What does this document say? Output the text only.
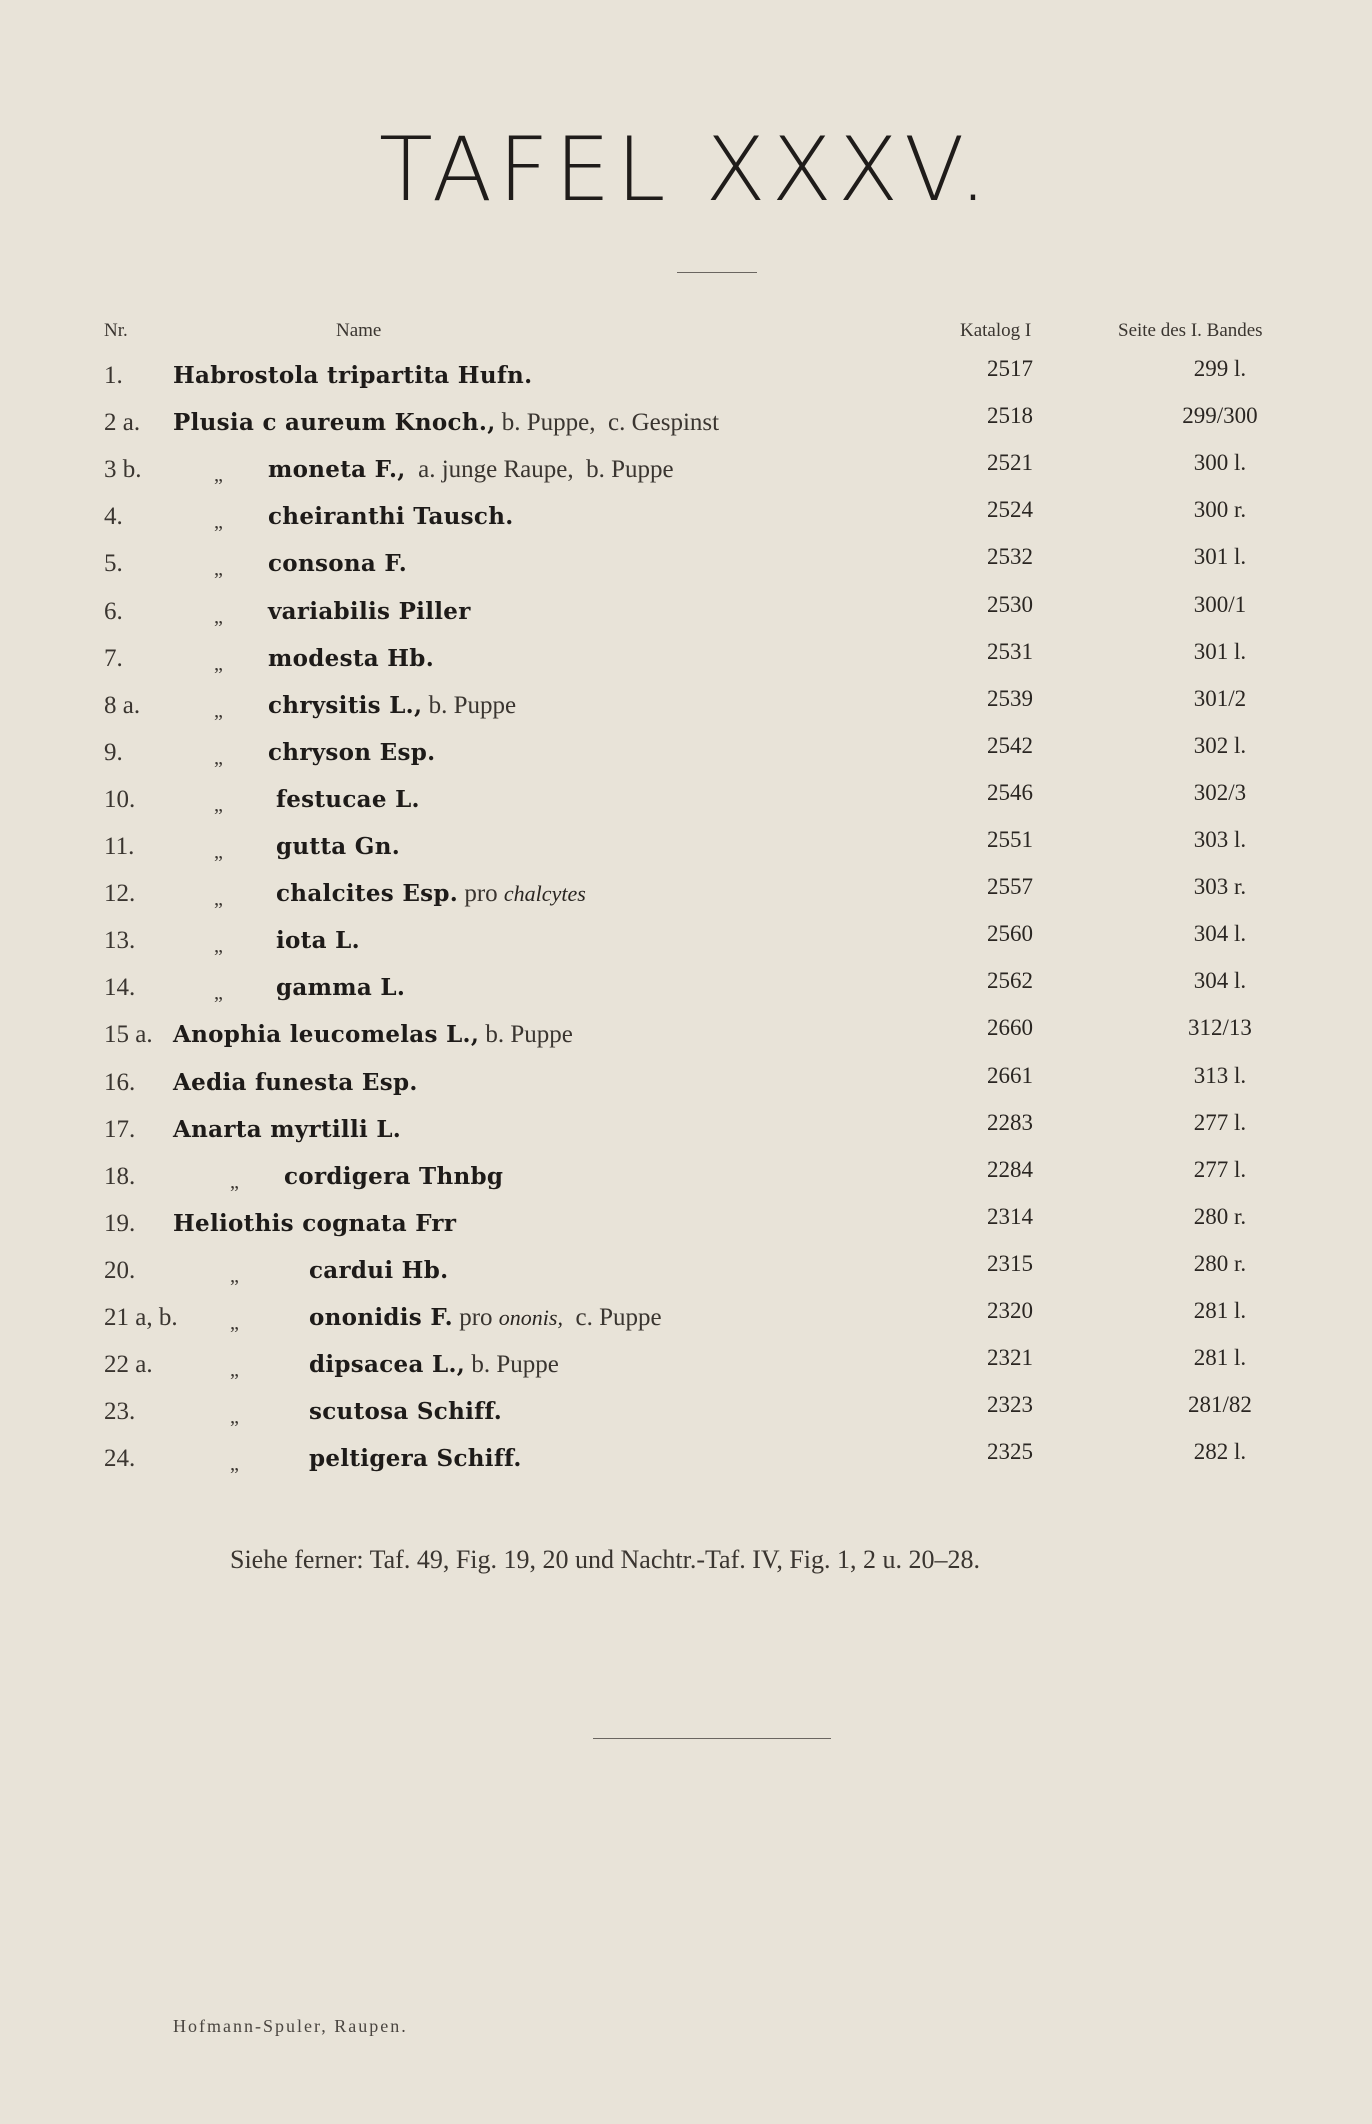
TAFEL XXXV.
Nr.	Name	Katalog I	Seite des I. Bandes
1. Habrostola tripartita Hufn.	2517	299 l.
2 a. Plusia c aureum Knoch., b. Puppe,  c. Gespinst	2518	299/300
3 b.	„ moneta F.,  a. junge Raupe,  b. Puppe	2521	300 l.
4.	„ cheiranthi Tausch.	2524	300 r.
5.	„ consona F.	2532	301 l.
6.	„ variabilis Piller	2530	300/1
7.	„ modesta Hb.	2531	301 l.
8 a.	„ chrysitis L., b. Puppe	2539	301/2
9.	„ chryson Esp.	2542	302 l.
10.	„ festucae L.	2546	302/3
11.	„ gutta Gn.	2551	303 l.
12.	„ chalcites Esp. pro chalcytes	2557	303 r.
13.	„ iota L.	2560	304 l.
14.	„ gamma L.	2562	304 l.
15 a. Anophia leucomelas L., b. Puppe	2660	312/13
16. Aedia funesta Esp.	2661	313 l.
17. Anarta myrtilli L.	2283	277 l.
18.	„ cordigera Thnbg	2284	277 l.
19. Heliothis cognata Frr	2314	280 r.
20.	„	cardui Hb.	2315	280 r.
21 a, b.	„	ononidis F. pro ononis,  c. Puppe	2320	281 l.
22 a.	„	dipsacea L., b. Puppe	2321	281 l.
23.	„	scutosa Schiff.	2323	281/82
24.	„	peltigera Schiff.	2325	282 l.
Siehe ferner: Taf. 49, Fig. 19, 20 und Nachtr.-Taf. IV, Fig. 1, 2 u. 20–28.
Hofmann-Spuler, Raupen.
